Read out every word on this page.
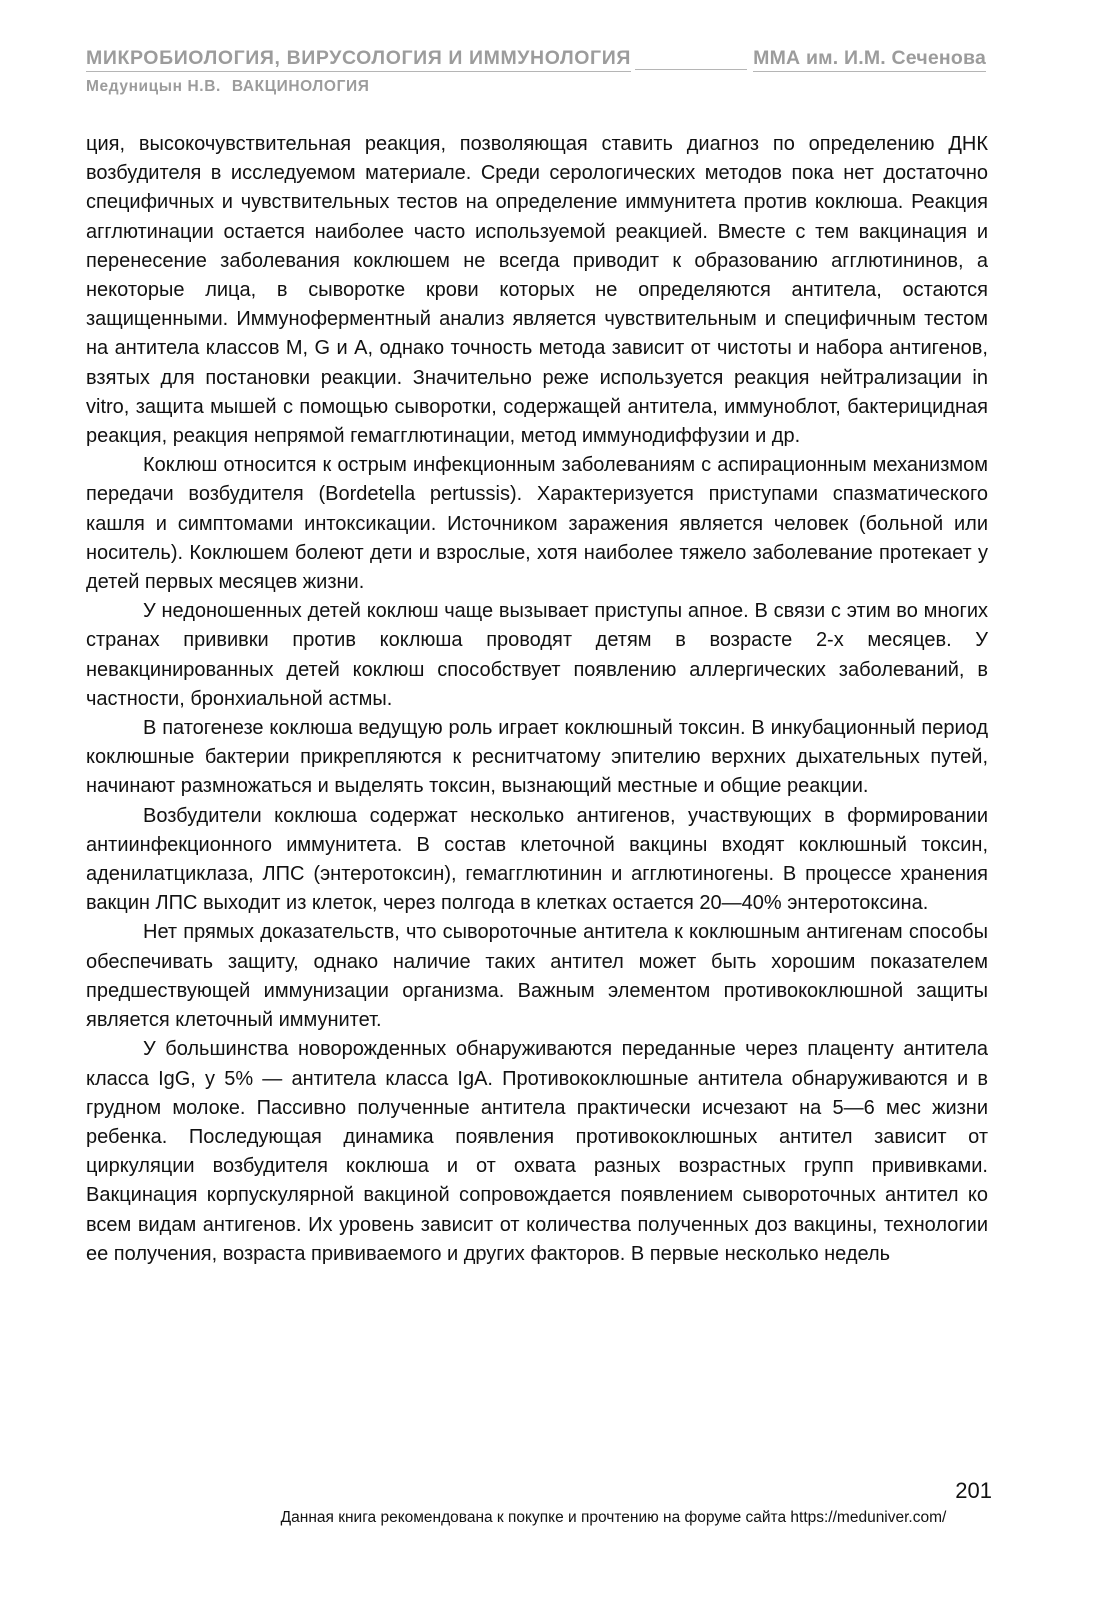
МИКРОБИОЛОГИЯ, ВИРУСОЛОГИЯ И ИММУНОЛОГИЯ	ММА им. И.М. Сеченова
Медуницын Н.В. ВАКЦИНОЛОГИЯ

ция, высокочувствительная реакция, позволяющая ставить диагноз по определению ДНК возбудителя в исследуемом материале. Среди серологических методов пока нет достаточно специфичных и чувствительных тестов на определение иммунитета против коклюша. Реакция агглютинации остается наиболее часто используемой реакцией. Вместе с тем вакцинация и перенесение заболевания коклюшем не всегда приводит к образованию агглютининов, а некоторые лица, в сыворотке крови которых не определяются антитела, остаются защищенными. Иммуноферментный анализ является чувствительным и специфичным тестом на антитела классов M, G и A, однако точность метода зависит от чистоты и набора антигенов, взятых для постановки реакции. Значительно реже используется реакция нейтрализации in vitro, защита мышей с помощью сыворотки, содержащей антитела, иммуноблот, бактерицидная реакция, реакция непрямой гемагглютинации, метод иммунодиффузии и др.

Коклюш относится к острым инфекционным заболеваниям с аспирационным механизмом передачи возбудителя (Bordetella pertussis). Характеризуется приступами спазматического кашля и симптомами интоксикации. Источником заражения является человек (больной или носитель). Коклюшем болеют дети и взрослые, хотя наиболее тяжело заболевание протекает у детей первых месяцев жизни.

У недоношенных детей коклюш чаще вызывает приступы апное. В связи с этим во многих странах прививки против коклюша проводят детям в возрасте 2-х месяцев. У невакцинированных детей коклюш способствует появлению аллергических заболеваний, в частности, бронхиальной астмы.

В патогенезе коклюша ведущую роль играет коклюшный токсин. В инкубационный период коклюшные бактерии прикрепляются к реснитчатому эпителию верхних дыхательных путей, начинают размножаться и выделять токсин, вызнающий местные и общие реакции.

Возбудители коклюша содержат несколько антигенов, участвующих в формировании антиинфекционного иммунитета. В состав клеточной вакцины входят коклюшный токсин, аденилатциклаза, ЛПС (энтеротоксин), гемагглютинин и агглютиногены. В процессе хранения вакцин ЛПС выходит из клеток, через полгода в клетках остается 20—40% энтеротоксина.

Нет прямых доказательств, что сывороточные антитела к коклюшным антигенам способы обеспечивать защиту, однако наличие таких антител может быть хорошим показателем предшествующей иммунизации организма. Важным элементом противококлюшной защиты является клеточный иммунитет.

У большинства новорожденных обнаруживаются переданные через плаценту антитела класса IgG, у 5% — антитела класса IgA. Противококлюшные антитела обнаруживаются и в грудном молоке. Пассивно полученные антитела практически исчезают на 5—6 мес жизни ребенка. Последующая динамика появления противококлюшных антител зависит от циркуляции возбудителя коклюша и от охвата разных возрастных групп прививками. Вакцинация корпускулярной вакциной сопровождается появлением сывороточных антител ко всем видам антигенов. Их уровень зависит от количества полученных доз вакцины, технологии ее получения, возраста прививаемого и других факторов. В первые несколько недель

201
Данная книга рекомендована к покупке и прочтению на форуме сайта https://meduniver.com/
